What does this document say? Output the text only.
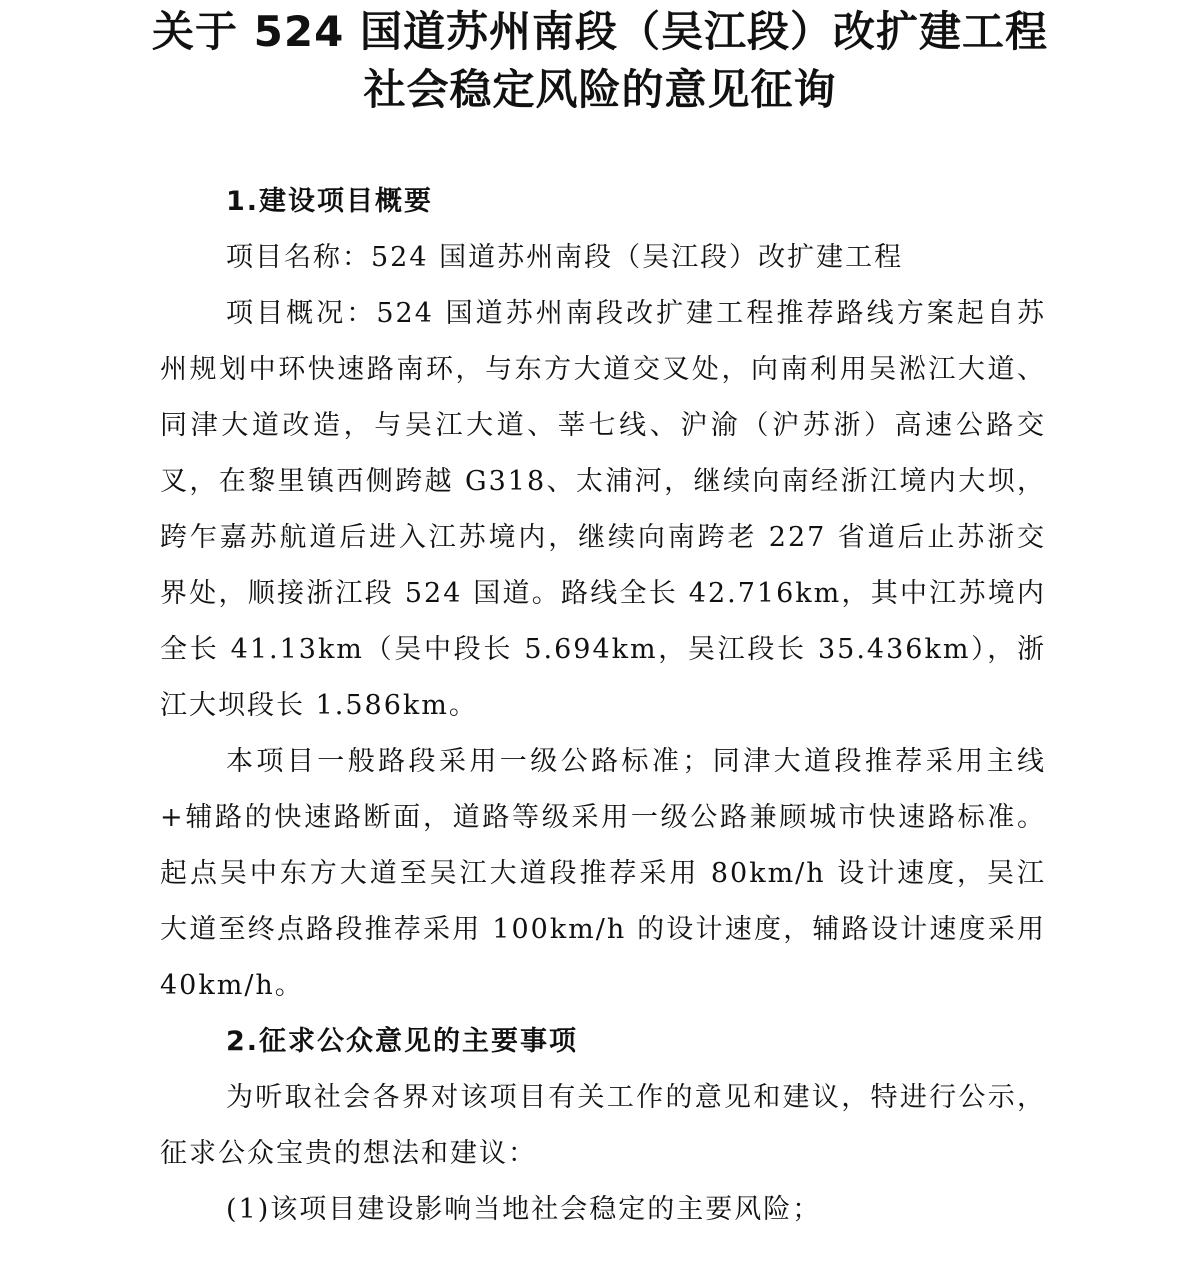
关于 524 国道苏州南段（吴江段）改扩建工程
社会稳定风险的意见征询
1.建设项目概要

项目名称：524 国道苏州南段（吴江段）改扩建工程

项目概况：524 国道苏州南段改扩建工程推荐路线方案起自苏州规划中环快速路南环，与东方大道交叉处，向南利用吴淞江大道、同津大道改造，与吴江大道、莘七线、沪渝（沪苏浙）高速公路交叉，在黎里镇西侧跨越 G318、太浦河，继续向南经浙江境内大坝，跨乍嘉苏航道后进入江苏境内，继续向南跨老 227 省道后止苏浙交界处，顺接浙江段 524 国道。路线全长 42.716km，其中江苏境内全长 41.13km（吴中段长 5.694km，吴江段长 35.436km），浙江大坝段长 1.586km。

本项目一般路段采用一级公路标准；同津大道段推荐采用主线+辅路的快速路断面，道路等级采用一级公路兼顾城市快速路标准。起点吴中东方大道至吴江大道段推荐采用 80km/h 设计速度，吴江大道至终点路段推荐采用 100km/h 的设计速度，辅路设计速度采用 40km/h。

2.征求公众意见的主要事项

为听取社会各界对该项目有关工作的意见和建议，特进行公示，征求公众宝贵的想法和建议：

(1)该项目建设影响当地社会稳定的主要风险；
